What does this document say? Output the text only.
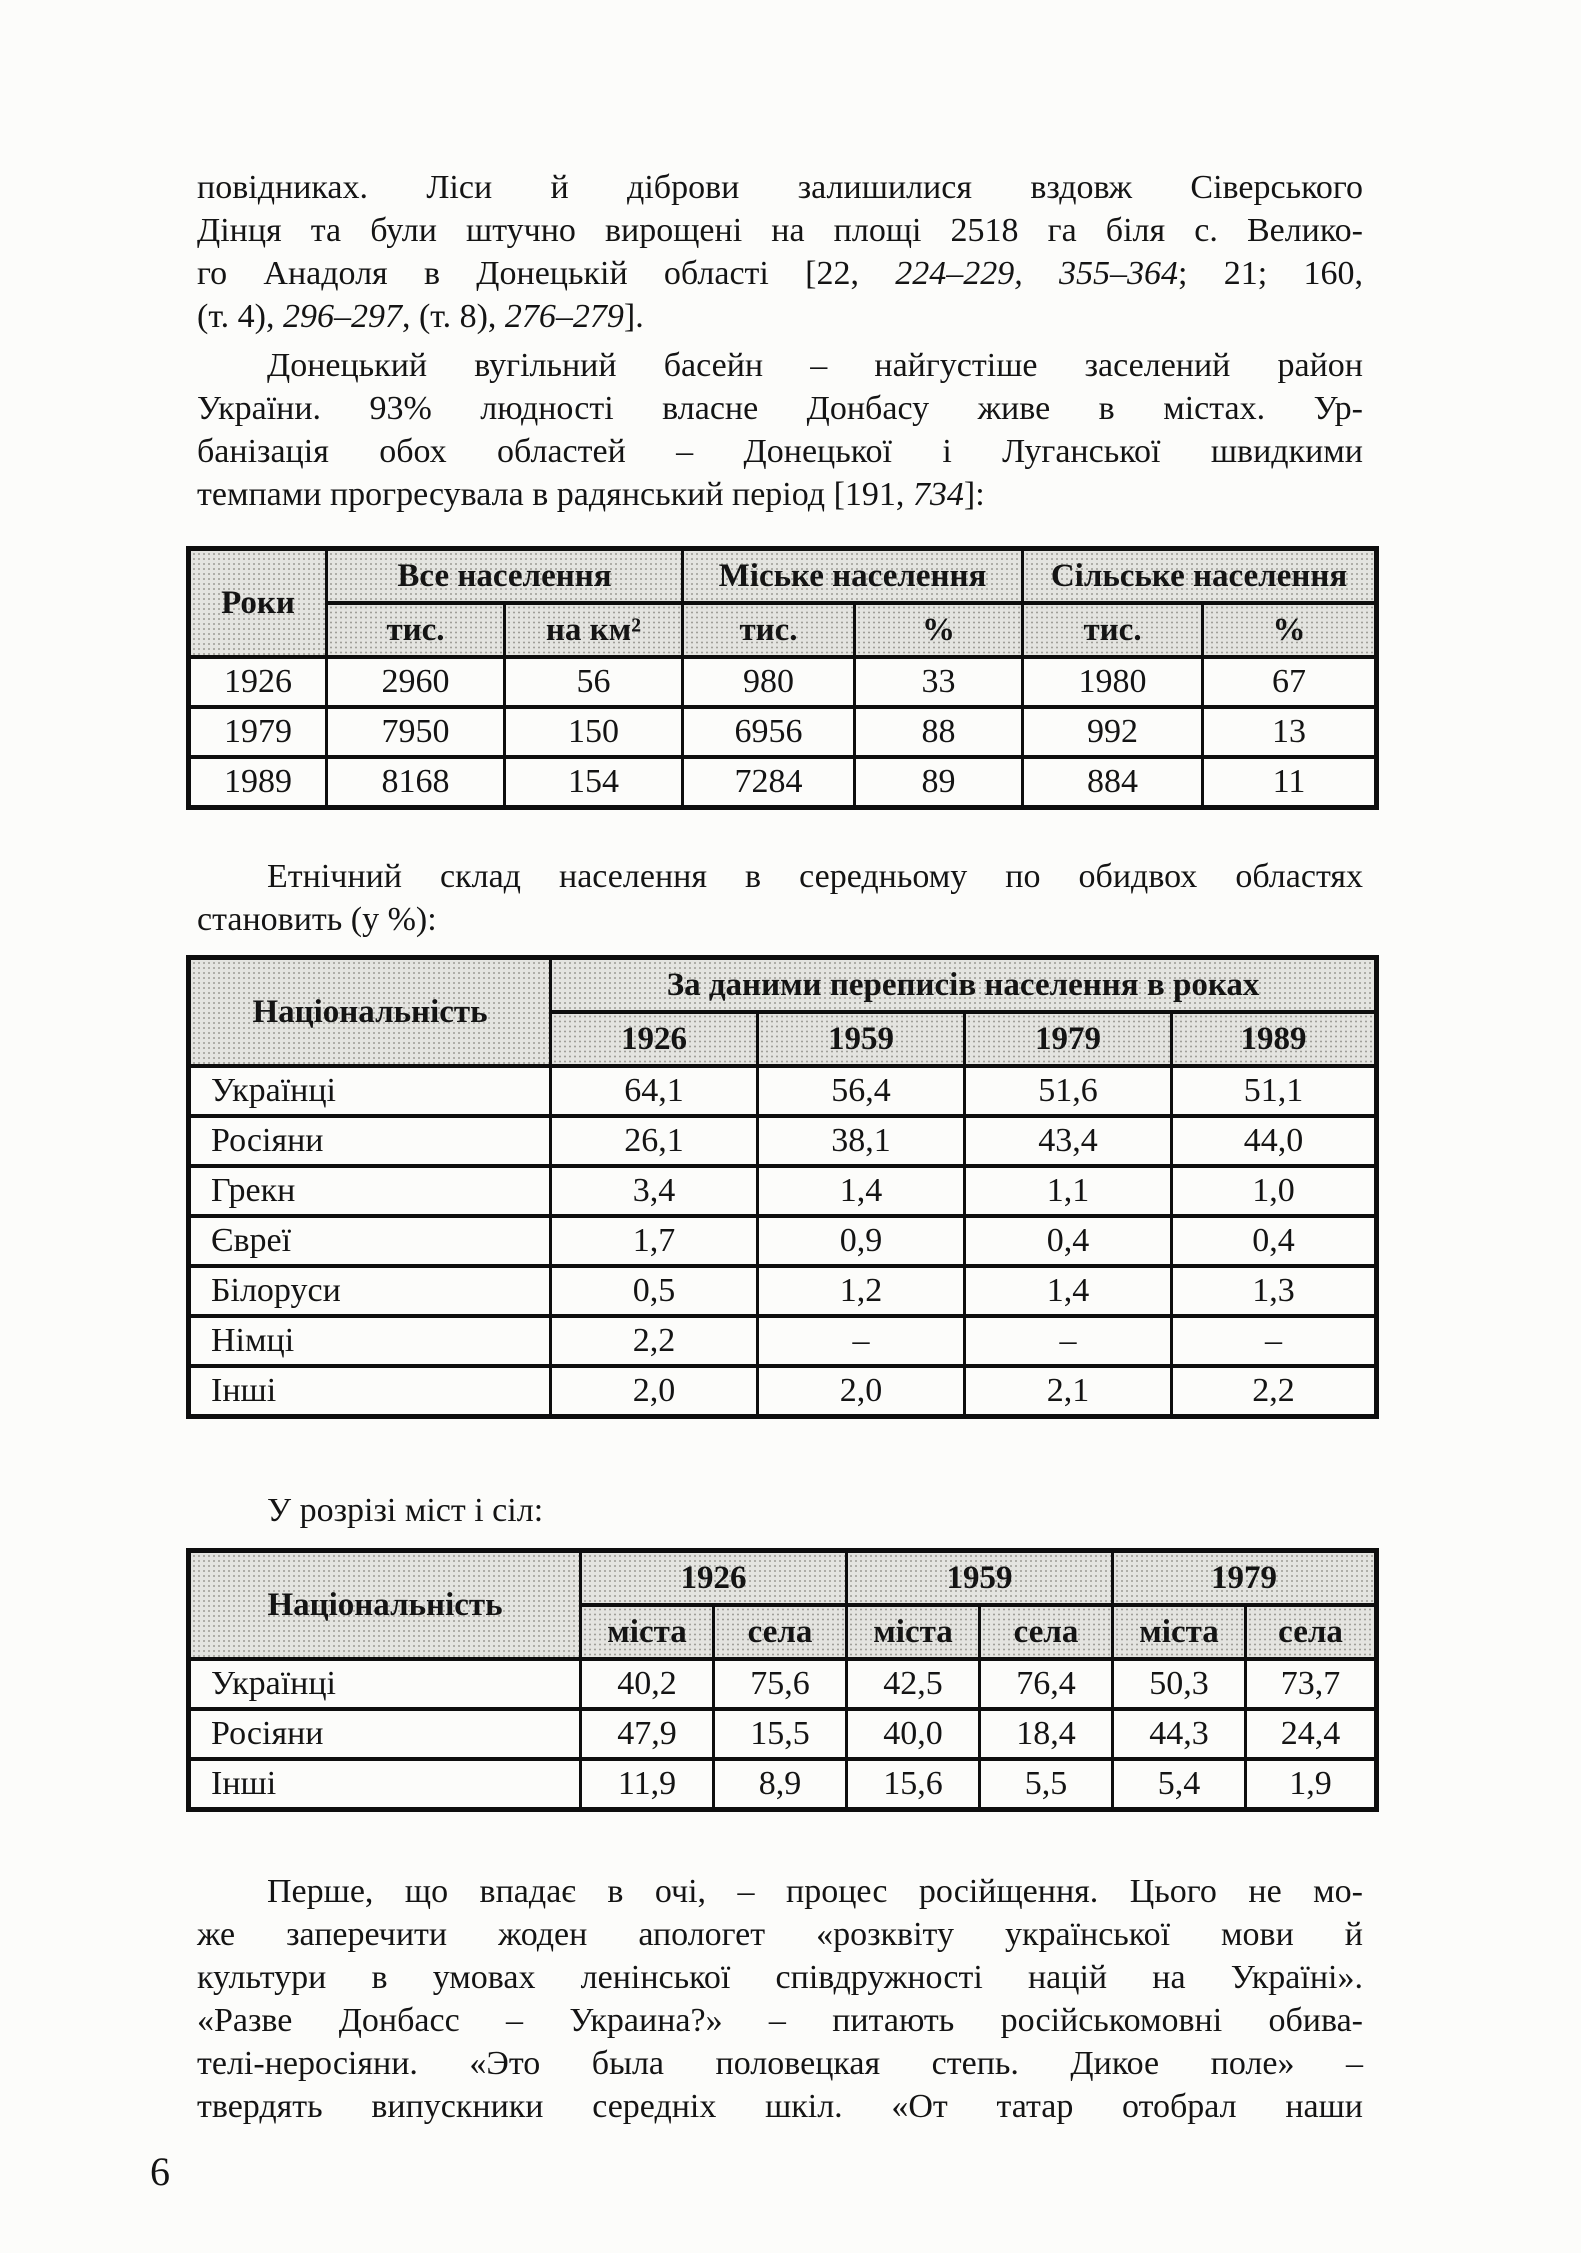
повідниках. Ліси й діброви залишилися вздовж Сіверського
Дінця та були штучно вирощені на площі 2518 га біля с. Велико-
го Анадоля в Донецькій області [22, 224–229, 355–364; 21; 160,
(т. 4), 296–297, (т. 8), 276–279].
Донецький вугільний басейн – найгустіше заселений район
України. 93% людності власне Донбасу живе в містах. Ур-
банізація обох областей – Донецької і Луганської швидкими
темпами прогресувала в радянський період [191, 734]:
Роки	Все населення		Міське населення		Сільське населення	
	тис.	на км²	тис.	%	тис.	%
1926	2960	56	980	33	1980	67
1979	7950	150	6956	88	992	13
1989	8168	154	7284	89	884	11
Етнічний склад населення в середньому по обидвох областях
становить (у %):
Національність	За даними переписів населення в роках			
	1926	1959	1979	1989
Українці	64,1	56,4	51,6	51,1
Росіяни	26,1	38,1	43,4	44,0
Грекн	3,4	1,4	1,1	1,0
Євреї	1,7	0,9	0,4	0,4
Білоруси	0,5	1,2	1,4	1,3
Німці	2,2	–	–	–
Інші	2,0	2,0	2,1	2,2
У розрізі міст і сіл:
Національність	1926		1959		1979	
	міста	села	міста	села	міста	села
Українці	40,2	75,6	42,5	76,4	50,3	73,7
Росіяни	47,9	15,5	40,0	18,4	44,3	24,4
Інші	11,9	8,9	15,6	5,5	5,4	1,9
Перше, що впадає в очі, – процес російщення. Цього не мо-
же заперечити жоден апологет «розквіту української мови й
культури в умовах ленінської співдружності націй на Україні».
«Разве Донбасс – Украина?» – питають російськомовні обива-
телі-неросіяни. «Это была половецкая степь. Дикое поле» –
твердять випускники середніх шкіл. «От татар отобрал наши
6
